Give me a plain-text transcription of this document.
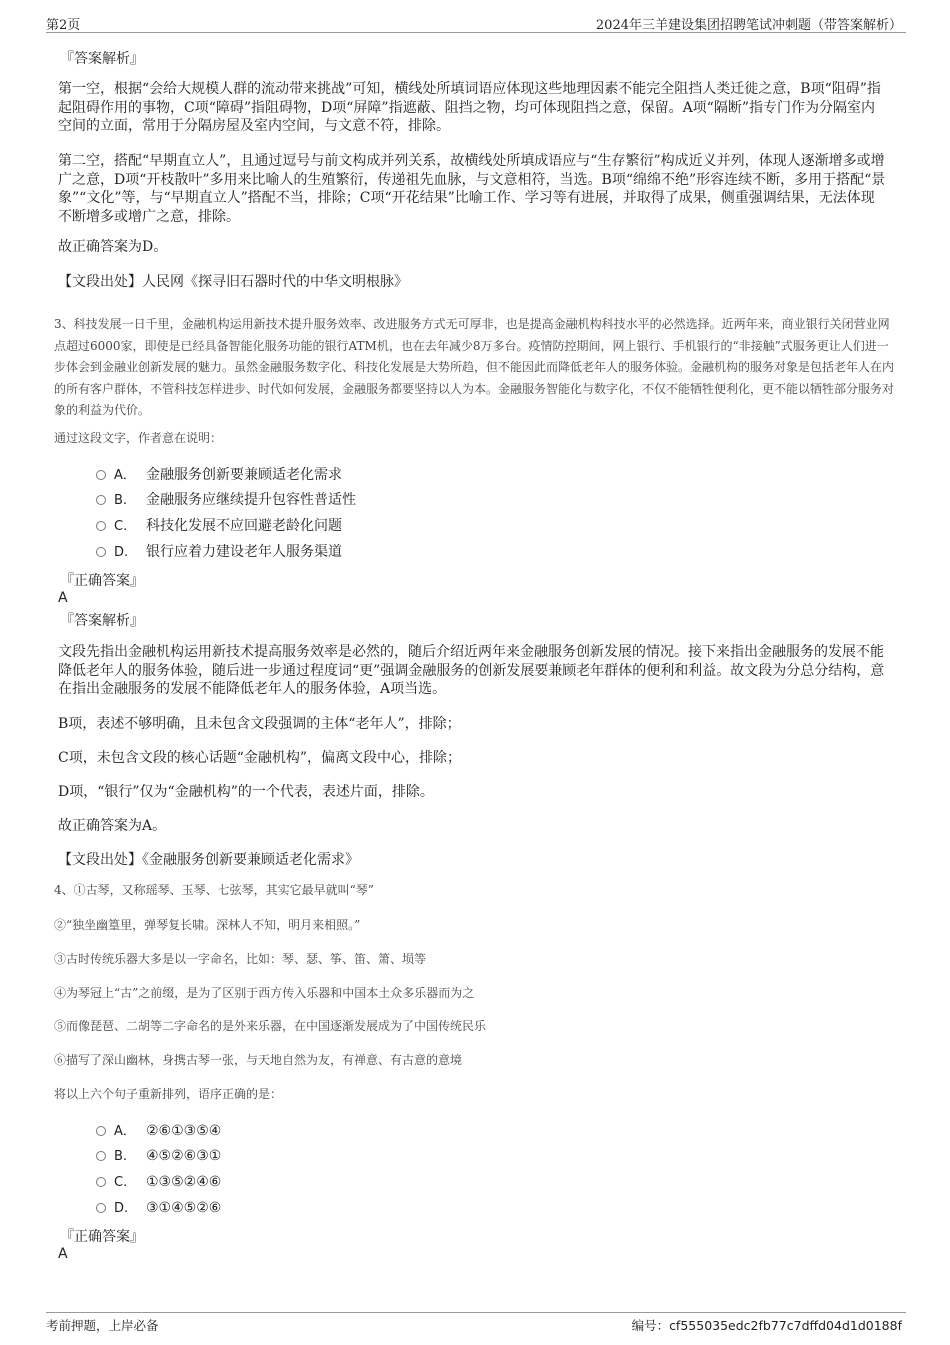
第2页	2024年三羊建设集团招聘笔试冲刺题（带答案解析）
『答案解析』

第一空，根据“会给大规模人群的流动带来挑战”可知，横线处所填词语应体现这些地理因素不能完全阻挡人类迁徙之意，B项“阻碍”指起阻碍作用的事物，C项“障碍”指阻碍物，D项“屏障”指遮蔽、阻挡之物，均可体现阻挡之意，保留。A项“隔断”指专门作为分隔室内空间的立面，常用于分隔房屋及室内空间，与文意不符，排除。

第二空，搭配“早期直立人”，且通过逗号与前文构成并列关系，故横线处所填成语应与“生存繁衍”构成近义并列，体现人逐渐增多或增广之意，D项“开枝散叶”多用来比喻人的生殖繁衍，传递祖先血脉，与文意相符，当选。B项“绵绵不绝”形容连续不断，多用于搭配“景象”“文化”等，与“早期直立人”搭配不当，排除；C项“开花结果”比喻工作、学习等有进展，并取得了成果，侧重强调结果，无法体现不断增多或增广之意，排除。

故正确答案为D。

【文段出处】人民网《探寻旧石器时代的中华文明根脉》

3、科技发展一日千里，金融机构运用新技术提升服务效率、改进服务方式无可厚非，也是提高金融机构科技水平的必然选择。近两年来，商业银行关闭营业网点超过6000家，即使是已经具备智能化服务功能的银行ATM机，也在去年减少8万多台。疫情防控期间，网上银行、手机银行的“非接触”式服务更让人们进一步体会到金融业创新发展的魅力。虽然金融服务数字化、科技化发展是大势所趋，但不能因此而降低老年人的服务体验。金融机构的服务对象是包括老年人在内的所有客户群体，不管科技怎样进步、时代如何发展，金融服务都要坚持以人为本。金融服务智能化与数字化，不仅不能牺牲便利化，更不能以牺牲部分服务对象的利益为代价。

通过这段文字，作者意在说明：

A． 金融服务创新要兼顾适老化需求
B. 金融服务应继续提升包容性普适性
C. 科技化发展不应回避老龄化问题
D. 银行应着力建设老年人服务渠道
『正确答案』
A
『答案解析』

文段先指出金融机构运用新技术提高服务效率是必然的，随后介绍近两年来金融服务创新发展的情况。接下来指出金融服务的发展不能降低老年人的服务体验，随后进一步通过程度词“更”强调金融服务的创新发展要兼顾老年群体的便利和利益。故文段为分总分结构，意在指出金融服务的发展不能降低老年人的服务体验，A项当选。

B项，表述不够明确，且未包含文段强调的主体“老年人”，排除；

C项，未包含文段的核心话题“金融机构”，偏离文段中心，排除；

D项，“银行”仅为“金融机构”的一个代表，表述片面，排除。

故正确答案为A。

【文段出处】《金融服务创新要兼顾适老化需求》

4、①古琴，又称瑶琴、玉琴、七弦琴，其实它最早就叫“琴”

②“独坐幽篁里，弹琴复长啸。深林人不知，明月来相照。”

③古时传统乐器大多是以一字命名，比如：琴、瑟、筝、笛、箫、埙等

④为琴冠上“古”之前缀，是为了区别于西方传入乐器和中国本土众多乐器而为之

⑤而像琵琶、二胡等二字命名的是外来乐器，在中国逐渐发展成为了中国传统民乐

⑥描写了深山幽林，身携古琴一张，与天地自然为友，有禅意、有古意的意境

将以上六个句子重新排列，语序正确的是：

A． ②⑥①③⑤④
B. ④⑤②⑥③①
C. ①③⑤②④⑥
D. ③①④⑤②⑥
『正确答案』
A
考前押题，上岸必备	编号：cf555035edc2fb77c7dffd04d1d0188f
